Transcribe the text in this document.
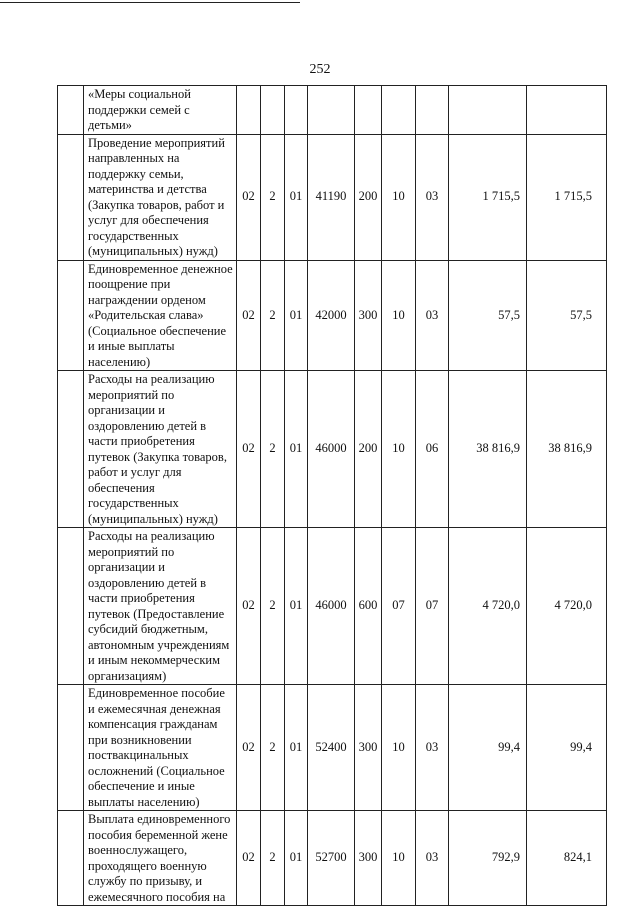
252
	«Меры социальной поддержки семей с детьми»									
	Проведение мероприятий направленных на поддержку семьи, материнства и детства (Закупка товаров, работ и услуг для обеспечения государственных (муниципальных) нужд)	02	2	01	41190	200	10	03	1 715,5	1 715,5
	Единовременное денежное поощрение при награждении орденом «Родительская слава» (Социальное обеспечение и иные выплаты населению)	02	2	01	42000	300	10	03	57,5	57,5
	Расходы на реализацию мероприятий по организации и оздоровлению детей в части приобретения путевок (Закупка товаров, работ и услуг для обеспечения государственных (муниципальных) нужд)	02	2	01	46000	200	10	06	38 816,9	38 816,9
	Расходы на реализацию мероприятий по организации и оздоровлению детей в части приобретения путевок (Предоставление субсидий бюджетным, автономным учреждениям и иным некоммерческим организациям)	02	2	01	46000	600	07	07	4 720,0	4 720,0
	Единовременное пособие и ежемесячная денежная компенсация гражданам при возникновении поствакцинальных осложнений (Социальное обеспечение и иные выплаты населению)	02	2	01	52400	300	10	03	99,4	99,4
	Выплата единовременного пособия беременной жене военнослужащего, проходящего военную службу по призыву, и ежемесячного пособия на	02	2	01	52700	300	10	03	792,9	824,1
